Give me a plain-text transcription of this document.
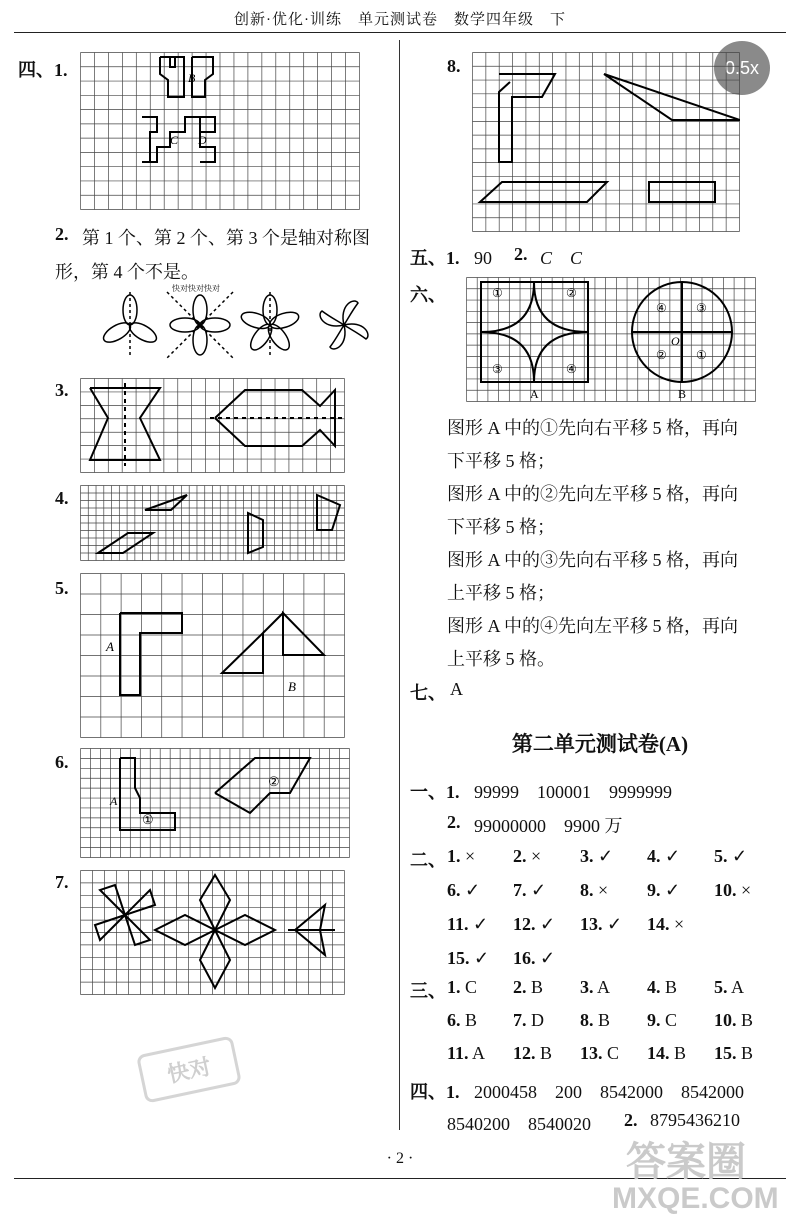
创新·优化·训练　单元测试卷　数学四年级　下
0.5x
四、1.	B
C D
2. 第 1 个、第 2 个、第 3 个是轴对称图
形，第 4 个不是。
快对快对快对
3.
4.
5.
A
B
6.
A
①
②
7.
8.
五、1. 90　 2. C　C
六、	①	②
③	④
④ ③
② ①
O
A	B
图形 A 中的①先向右平移 5 格，再向
下平移 5 格；
图形 A 中的②先向左平移 5 格，再向
下平移 5 格；
图形 A 中的③先向右平移 5 格，再向
上平移 5 格；
图形 A 中的④先向左平移 5 格，再向
上平移 5 格。
七、 A
第二单元测试卷(A)
一、1. 99999　100001　9999999
2. 99000000　9900 万
二、 1. × 2. × 3. ✓ 4. ✓ 5. ✓
6. ✓ 7. ✓ 8. × 9. ✓ 10. ×
11. ✓ 12. ✓ 13. ✓ 14. ×
15. ✓ 16. ✓
三、 1. C 2. B 3. A 4. B 5. A
6. B 7. D 8. B 9. C 10. B
11. A 12. B 13. C 14. B 15. B
四、1. 2000458　200　8542000　8542000
8540200　8540020 2. 8795436210
· 2 ·
快对
答案圈
MXQE.COM
